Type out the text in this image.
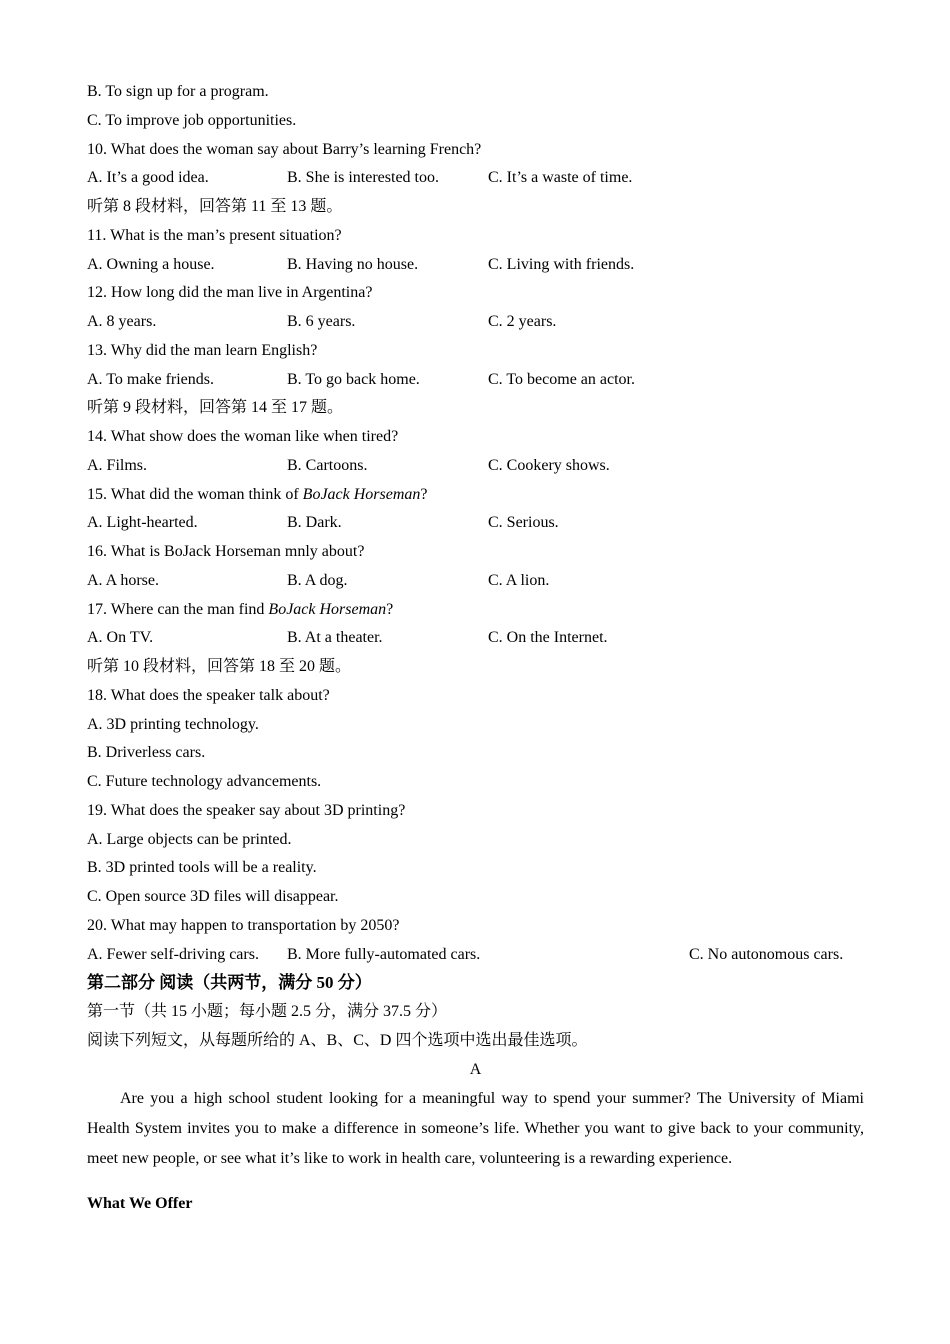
B. To sign up for a program.
C. To improve job opportunities.
10. What does the woman say about Barry’s learning French?
A. It’s a good idea.	B. She is interested too.	C. It’s a waste of time.
听第 8 段材料，回答第 11 至 13 题。
11. What is the man’s present situation?
A. Owning a house.	B. Having no house.	C. Living with friends.
12. How long did the man live in Argentina?
A. 8 years.	B. 6 years.	C. 2 years.
13. Why did the man learn English?
A. To make friends.	B. To go back home.	C. To become an actor.
听第 9 段材料，回答第 14 至 17 题。
14. What show does the woman like when tired?
A. Films.	B. Cartoons.	C. Cookery shows.
15. What did the woman think of BoJack Horseman?
A. Light-hearted.	B. Dark.	C. Serious.
16. What is BoJack Horseman mnly about?
A. A horse.	B. A dog.	C. A lion.
17. Where can the man find BoJack Horseman?
A. On TV.	B. At a theater.	C. On the Internet.
听第 10 段材料，回答第 18 至 20 题。
18. What does the speaker talk about?
A. 3D printing technology.
B. Driverless cars.
C. Future technology advancements.
19. What does the speaker say about 3D printing?
A. Large objects can be printed.
B. 3D printed tools will be a reality.
C. Open source 3D files will disappear.
20. What may happen to transportation by 2050?
A. Fewer self-driving cars. B. More fully-automated cars.	C. No autonomous cars.
第二部分 阅读（共两节，满分 50 分）
第一节（共 15 小题；每小题 2.5 分，满分 37.5 分）
阅读下列短文，从每题所给的 A、B、C、D 四个选项中选出最佳选项。
A

Are you a high school student looking for a meaningful way to spend your summer? The University of Miami Health System invites you to make a difference in someone’s life. Whether you want to give back to your community, meet new people, or see what it’s like to work in health care, volunteering is a rewarding experience.

What We Offer
